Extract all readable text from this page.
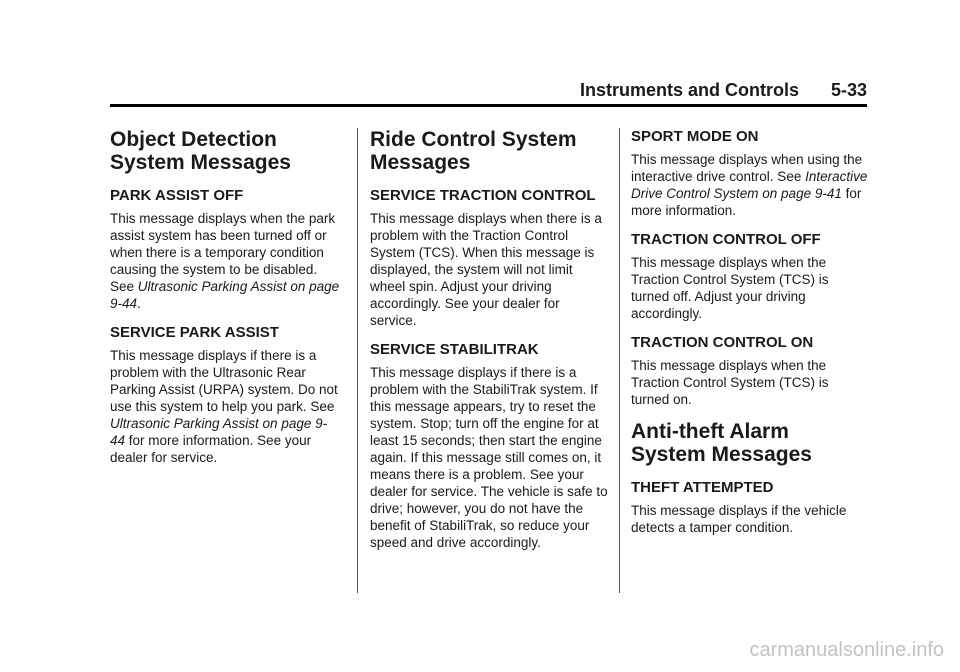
Instruments and Controls 5-33
Object Detection System Messages
PARK ASSIST OFF

This message displays when the park assist system has been turned off or when there is a temporary condition causing the system to be disabled. See Ultrasonic Parking Assist on page 9-44.

SERVICE PARK ASSIST

This message displays if there is a problem with the Ultrasonic Rear Parking Assist (URPA) system. Do not use this system to help you park. See Ultrasonic Parking Assist on page 9-44 for more information. See your dealer for service.

Ride Control System Messages
SERVICE TRACTION CONTROL

This message displays when there is a problem with the Traction Control System (TCS). When this message is displayed, the system will not limit wheel spin. Adjust your driving accordingly. See your dealer for service.

SERVICE STABILITRAK

This message displays if there is a problem with the StabiliTrak system. If this message appears, try to reset the system. Stop; turn off the engine for at least 15 seconds; then start the engine again. If this message still comes on, it means there is a problem. See your dealer for service. The vehicle is safe to drive; however, you do not have the benefit of StabiliTrak, so reduce your speed and drive accordingly.

SPORT MODE ON

This message displays when using the interactive drive control. See Interactive Drive Control System on page 9-41 for more information.

TRACTION CONTROL OFF

This message displays when the Traction Control System (TCS) is turned off. Adjust your driving accordingly.

TRACTION CONTROL ON

This message displays when the Traction Control System (TCS) is turned on.

Anti-theft Alarm System Messages
THEFT ATTEMPTED

This message displays if the vehicle detects a tamper condition.

carmanualsonline.info
